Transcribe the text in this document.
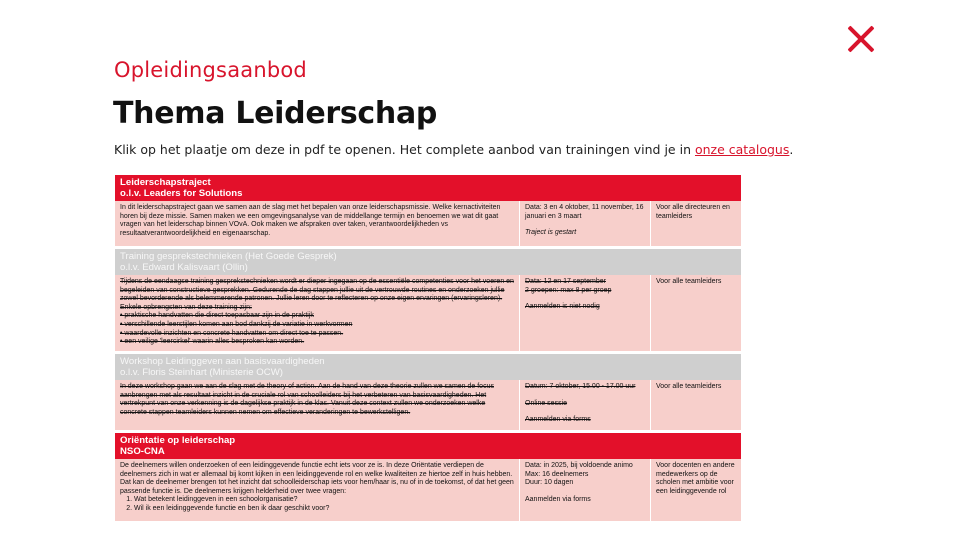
Opleidingsaanbod
Thema Leiderschap
Klik op het plaatje om deze in pdf te openen. Het complete aanbod van trainingen vind je in onze catalogus.
Leiderschapstraject
o.l.v. Leaders for Solutions
In dit leiderschapstraject gaan we samen aan de slag met het bepalen van onze leiderschapsmissie. Welke kernactiviteiten horen bij deze missie. Samen maken we een omgevingsanalyse van de middellange termijn en benoemen we wat dit gaat vragen van het leiderschap binnen VOvA. Ook maken we afspraken over taken, verantwoordelijkheden vs resultaatverantwoordelijkheid en eigenaarschap.
Data: 3 en 4 oktober, 11 november, 16 januari en 3 maart
Traject is gestart
Voor alle directeuren en teamleiders
Training gesprekstechnieken (Het Goede Gesprek)
o.l.v. Edward Kalisvaart (Ollin)
Tijdens de eendaagse training gesprekstechnieken wordt er dieper ingegaan op de essentiële competenties voor het voeren en begeleiden van constructieve gesprekken. Gedurende de dag stappen jullie uit de vertrouwde routines en onderzoeken jullie zowel bevorderende als belemmerende patronen. Jullie leren door te reflecteren op onze eigen ervaringen (ervaringsleren). Enkele opbrengsten van deze training zijn:
• praktische handvatten die direct toepasbaar zijn in de praktijk
• verschillende leerstijlen komen aan bod dankzij de variatie in werkvormen
• waardevolle inzichten en concrete handvatten om direct toe te passen.
• een veilige 'leercirkel' waarin alles besproken kan worden.
Data: 12 en 17 september
2 groepen: max 8 per groep
Aanmelden is niet nodig
Voor alle teamleiders
Workshop Leidinggeven aan basisvaardigheden
o.l.v. Floris Steinhart (Ministerie OCW)
In deze workshop gaan we aan de slag met de theory of action. Aan de hand van deze theorie zullen we samen de focus aanbrengen met als resultaat inzicht in de cruciale rol van schoolleiders bij het verbeteren van basisvaardigheden. Het vertrekpunt van onze verkenning is de dagelijkse praktijk in de klas. Vanuit deze context zullen we onderzoeken welke concrete stappen teamleiders kunnen nemen om effectieve veranderingen te bewerkstelligen.
Datum: 7 oktober, 15.00 - 17.00 uur
Online sessie
Aanmelden via forms
Voor alle teamleiders
Oriëntatie op leiderschap
NSO-CNA
De deelnemers willen onderzoeken of een leidinggevende functie echt iets voor ze is. In deze Oriëntatie verdiepen de deelnemers zich in wat er allemaal bij komt kijken in een leidinggevende rol en welke kwaliteiten ze hiertoe zelf in huis hebben. Dat kan de deelnemer brengen tot het inzicht dat schoolleiderschap iets voor hem/haar is, nu of in de toekomst, of dat het geen passende functie is. De deelnemers krijgen helderheid over twee vragen:
1. Wat betekent leidinggeven in een schoolorganisatie?
2. Wil ik een leidinggevende functie en ben ik daar geschikt voor?
Data: in 2025, bij voldoende animo
Max: 16 deelnemers
Duur: 10 dagen
Aanmelden via forms
Voor docenten en andere medewerkers op de scholen met ambitie voor een leidinggevende rol
